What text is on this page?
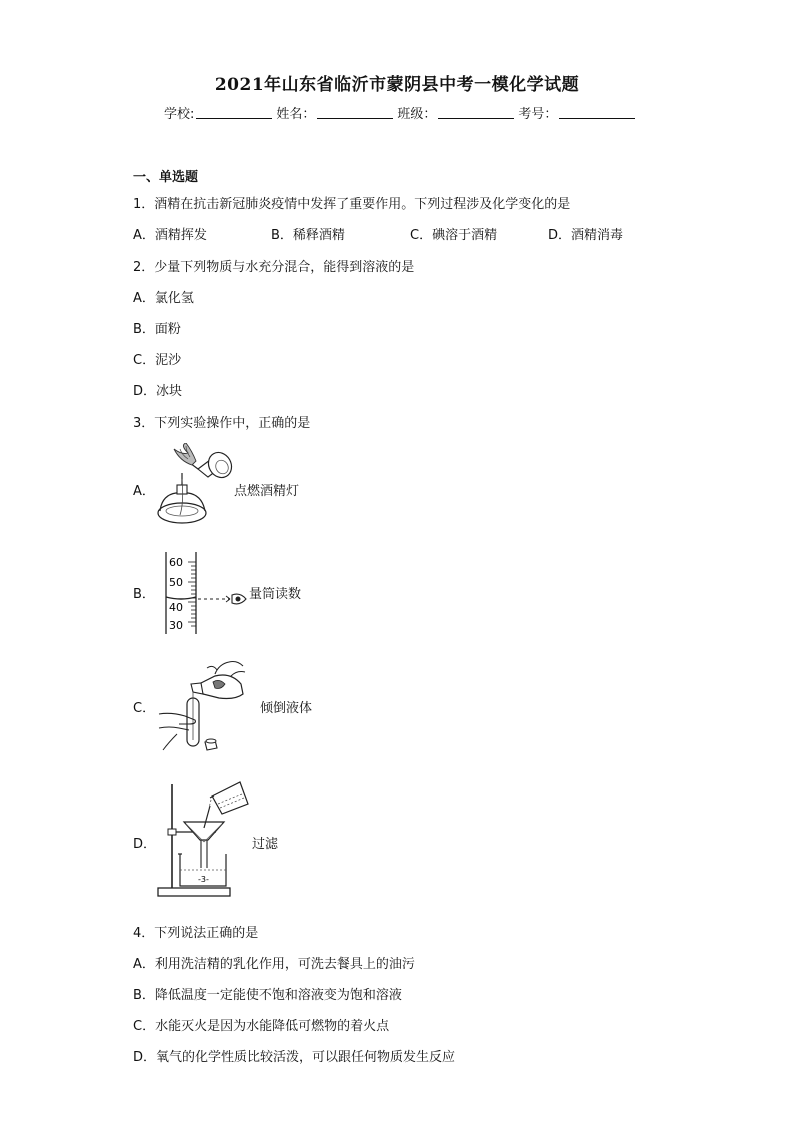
2021年山东省临沂市蒙阴县中考一模化学试题
学校:	姓名：	班级：	考号：
一、单选题
1．酒精在抗击新冠肺炎疫情中发挥了重要作用。下列过程涉及化学变化的是
A．酒精挥发	B．稀释酒精	C．碘溶于酒精	D．酒精消毒
2．少量下列物质与水充分混合，能得到溶液的是
A．氯化氢
B．面粉
C．泥沙
D．冰块
3．下列实验操作中，正确的是
A．	点燃酒精灯
B．
60
50
40
30
量筒读数
C．	倾倒液体
D．
-3-
过滤
4．下列说法正确的是
A．利用洗洁精的乳化作用，可洗去餐具上的油污
B．降低温度一定能使不饱和溶液变为饱和溶液
C．水能灭火是因为水能降低可燃物的着火点
D．氧气的化学性质比较活泼，可以跟任何物质发生反应
